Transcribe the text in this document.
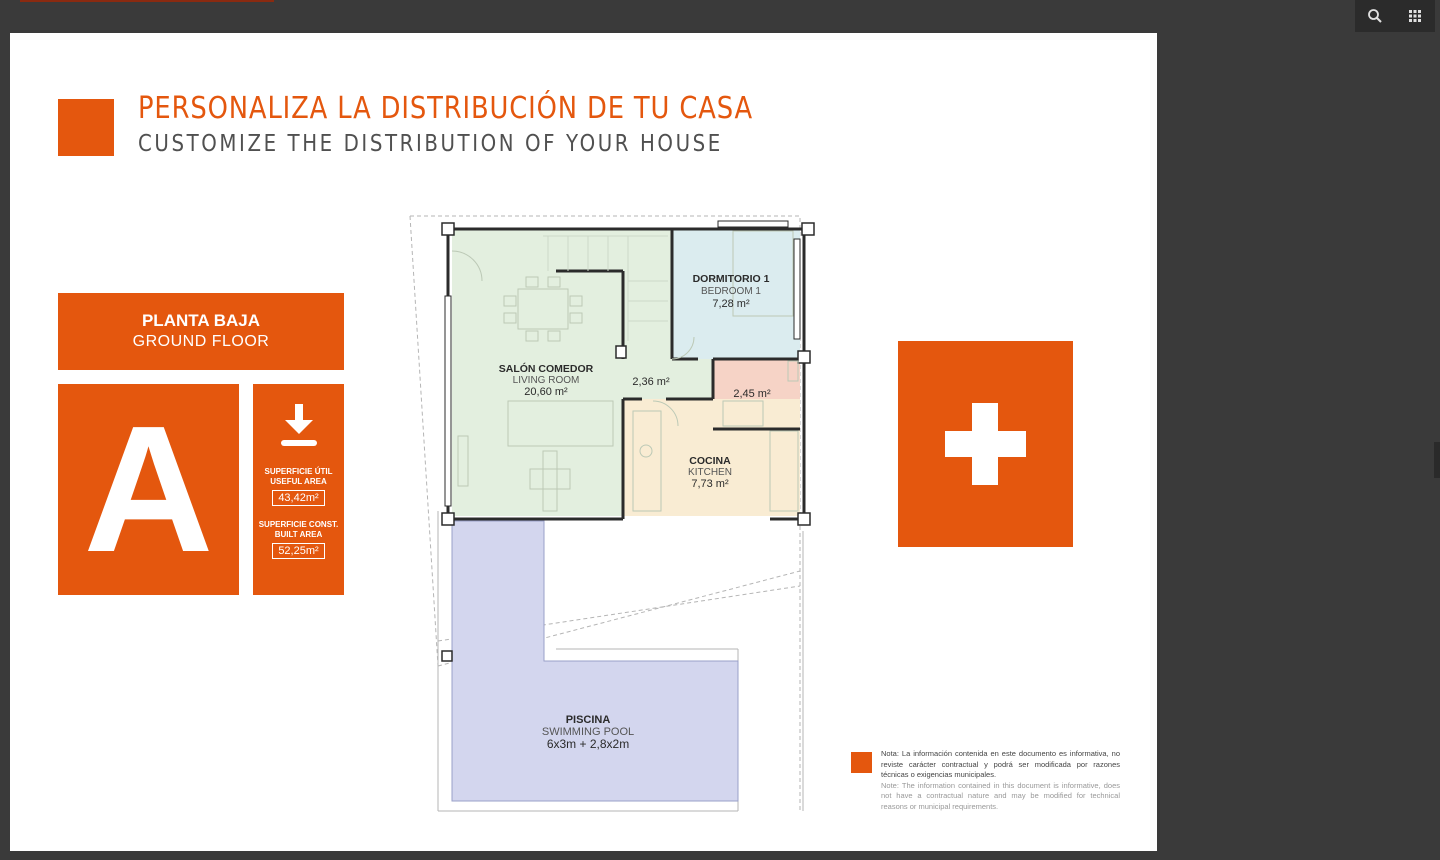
PERSONALIZA LA DISTRIBUCIÓN DE TU CASA
CUSTOMIZE THE DISTRIBUTION OF YOUR HOUSE
PLANTA BAJA
GROUND FLOOR
A	SUPERFICIE ÚTIL
USEFUL AREA
43,42m²
SUPERFICIE CONST.
BUILT AREA
52,25m²
SALÓN COMEDOR
LIVING ROOM
20,60 m²
2,36 m²
DORMITORIO 1
BEDROOM 1
7,28 m²
2,45 m²
COCINA
KITCHEN
7,73 m²
PISCINA
SWIMMING POOL
6x3m + 2,8x2m
Nota: La información contenida en este documento es informativa, no reviste carácter contractual y podrá ser modificada por razones técnicas o exigencias municipales.
Note: The information contained in this document is informative, does not have a contractual nature and may be modified for technical reasons or municipal requirements.
